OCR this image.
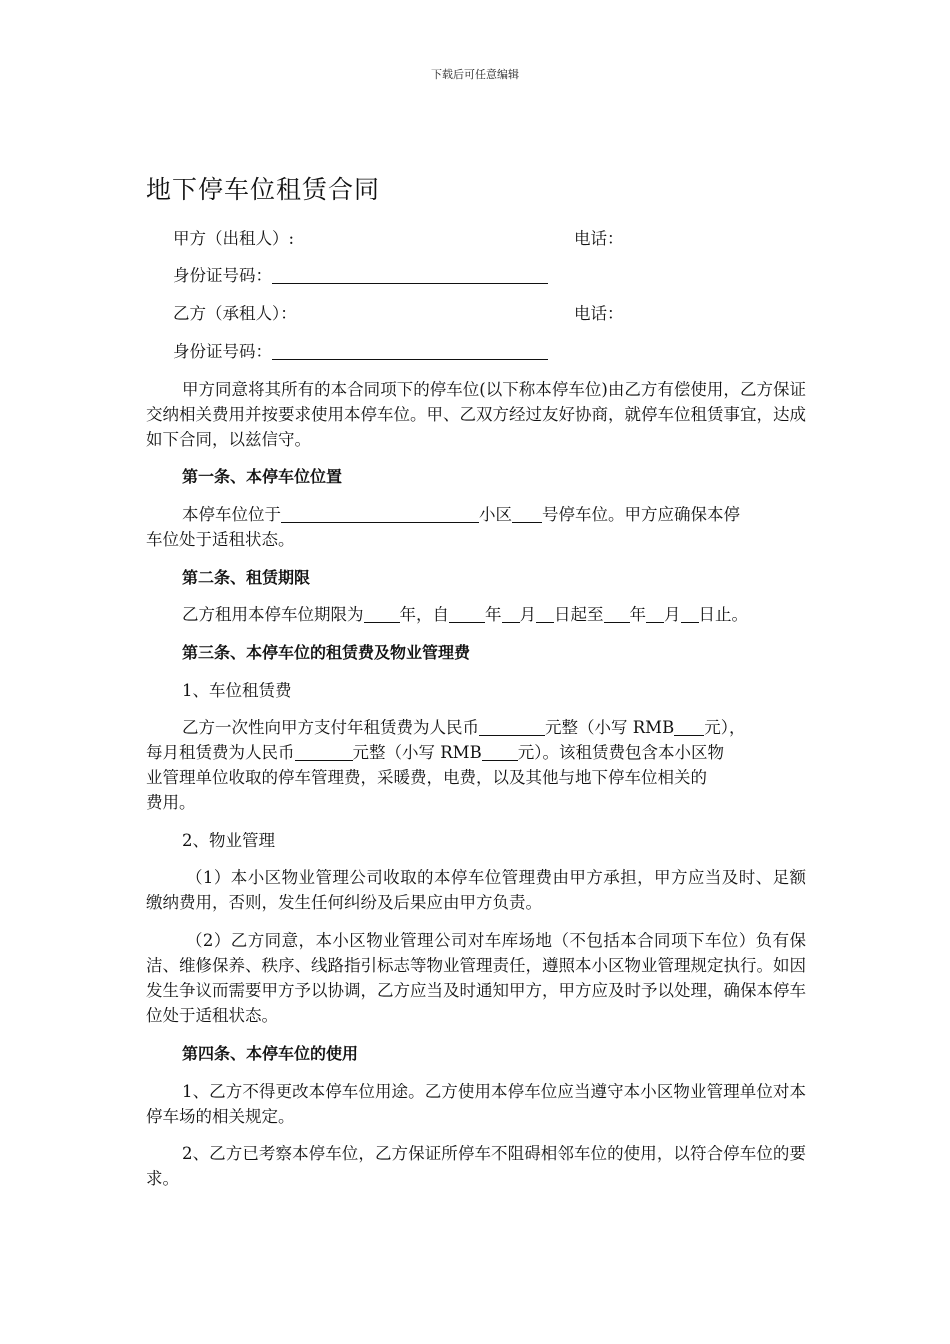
下载后可任意编辑
地下停车位租赁合同
甲方（出租人）:	电话：
身份证号码：
乙方（承租人）：	电话：
身份证号码：

甲方同意将其所有的本合同项下的停车位(以下称本停车位)由乙方有偿使用，乙方保证交纳相关费用并按要求使用本停车位。甲、乙双方经过友好协商，就停车位租赁事宜，达成如下合同，以兹信守。

第一条、本停车位位置
本停车位位于	小区 号停车位。甲方应确保本停
车位处于适租状态。
第二条、租赁期限
乙方租用本停车位期限为 年，自 年 月 日起至 年 月 日止。
第三条、本停车位的租赁费及物业管理费

1、车位租赁费

乙方一次性向甲方支付年租赁费为人民币	元整（小写 RMB 元），
每月租赁费为人民币	元整（小写 RMB 元）。该租赁费包含本小区物
业管理单位收取的停车管理费，采暖费，电费，以及其他与地下停车位相关的
费用。

2、物业管理

（1）本小区物业管理公司收取的本停车位管理费由甲方承担，甲方应当及时、足额缴纳费用，否则，发生任何纠纷及后果应由甲方负责。

（2）乙方同意，本小区物业管理公司对车库场地（不包括本合同项下车位）负有保洁、维修保养、秩序、线路指引标志等物业管理责任，遵照本小区物业管理规定执行。如因发生争议而需要甲方予以协调，乙方应当及时通知甲方，甲方应及时予以处理，确保本停车位处于适租状态。

第四条、本停车位的使用

1、乙方不得更改本停车位用途。乙方使用本停车位应当遵守本小区物业管理单位对本停车场的相关规定。

2、乙方已考察本停车位，乙方保证所停车不阻碍相邻车位的使用，以符合停车位的要求。
